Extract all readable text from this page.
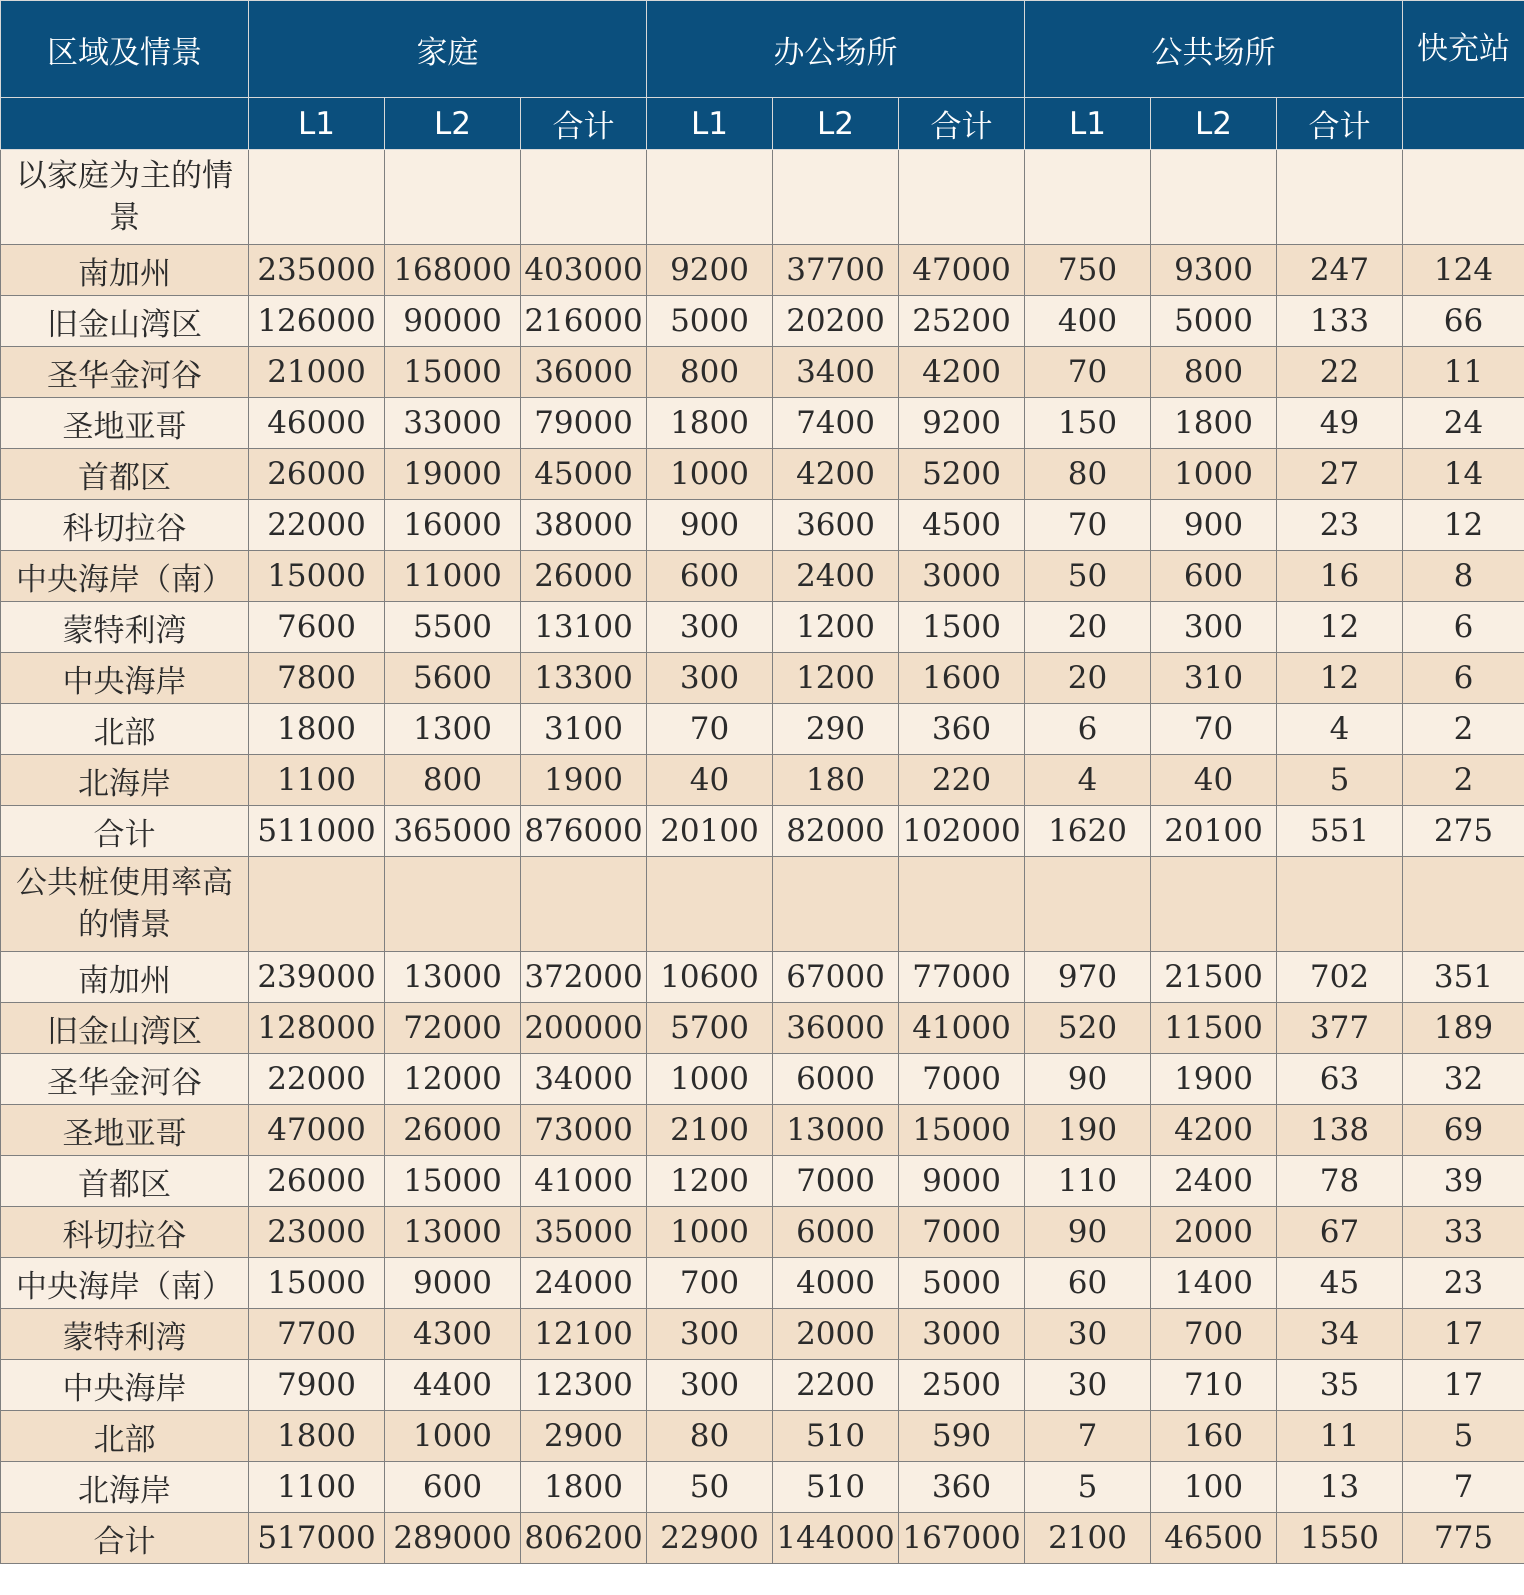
区域及情景	家庭			办公场所			公共场所			快充站
	L1	L2	合计	L1	L2	合计	L1	L2	合计	
以家庭为主的情景										
南加州	235000	168000	403000	9200	37700	47000	750	9300	247	124
旧金山湾区	126000	90000	216000	5000	20200	25200	400	5000	133	66
圣华金河谷	21000	15000	36000	800	3400	4200	70	800	22	11
圣地亚哥	46000	33000	79000	1800	7400	9200	150	1800	49	24
首都区	26000	19000	45000	1000	4200	5200	80	1000	27	14
科切拉谷	22000	16000	38000	900	3600	4500	70	900	23	12
中央海岸（南）	15000	11000	26000	600	2400	3000	50	600	16	8
蒙特利湾	7600	5500	13100	300	1200	1500	20	300	12	6
中央海岸	7800	5600	13300	300	1200	1600	20	310	12	6
北部	1800	1300	3100	70	290	360	6	70	4	2
北海岸	1100	800	1900	40	180	220	4	40	5	2
合计	511000	365000	876000	20100	82000	102000	1620	20100	551	275
公共桩使用率高的情景										
南加州	239000	13000	372000	10600	67000	77000	970	21500	702	351
旧金山湾区	128000	72000	200000	5700	36000	41000	520	11500	377	189
圣华金河谷	22000	12000	34000	1000	6000	7000	90	1900	63	32
圣地亚哥	47000	26000	73000	2100	13000	15000	190	4200	138	69
首都区	26000	15000	41000	1200	7000	9000	110	2400	78	39
科切拉谷	23000	13000	35000	1000	6000	7000	90	2000	67	33
中央海岸（南）	15000	9000	24000	700	4000	5000	60	1400	45	23
蒙特利湾	7700	4300	12100	300	2000	3000	30	700	34	17
中央海岸	7900	4400	12300	300	2200	2500	30	710	35	17
北部	1800	1000	2900	80	510	590	7	160	11	5
北海岸	1100	600	1800	50	510	360	5	100	13	7
合计	517000	289000	806200	22900	144000	167000	2100	46500	1550	775
